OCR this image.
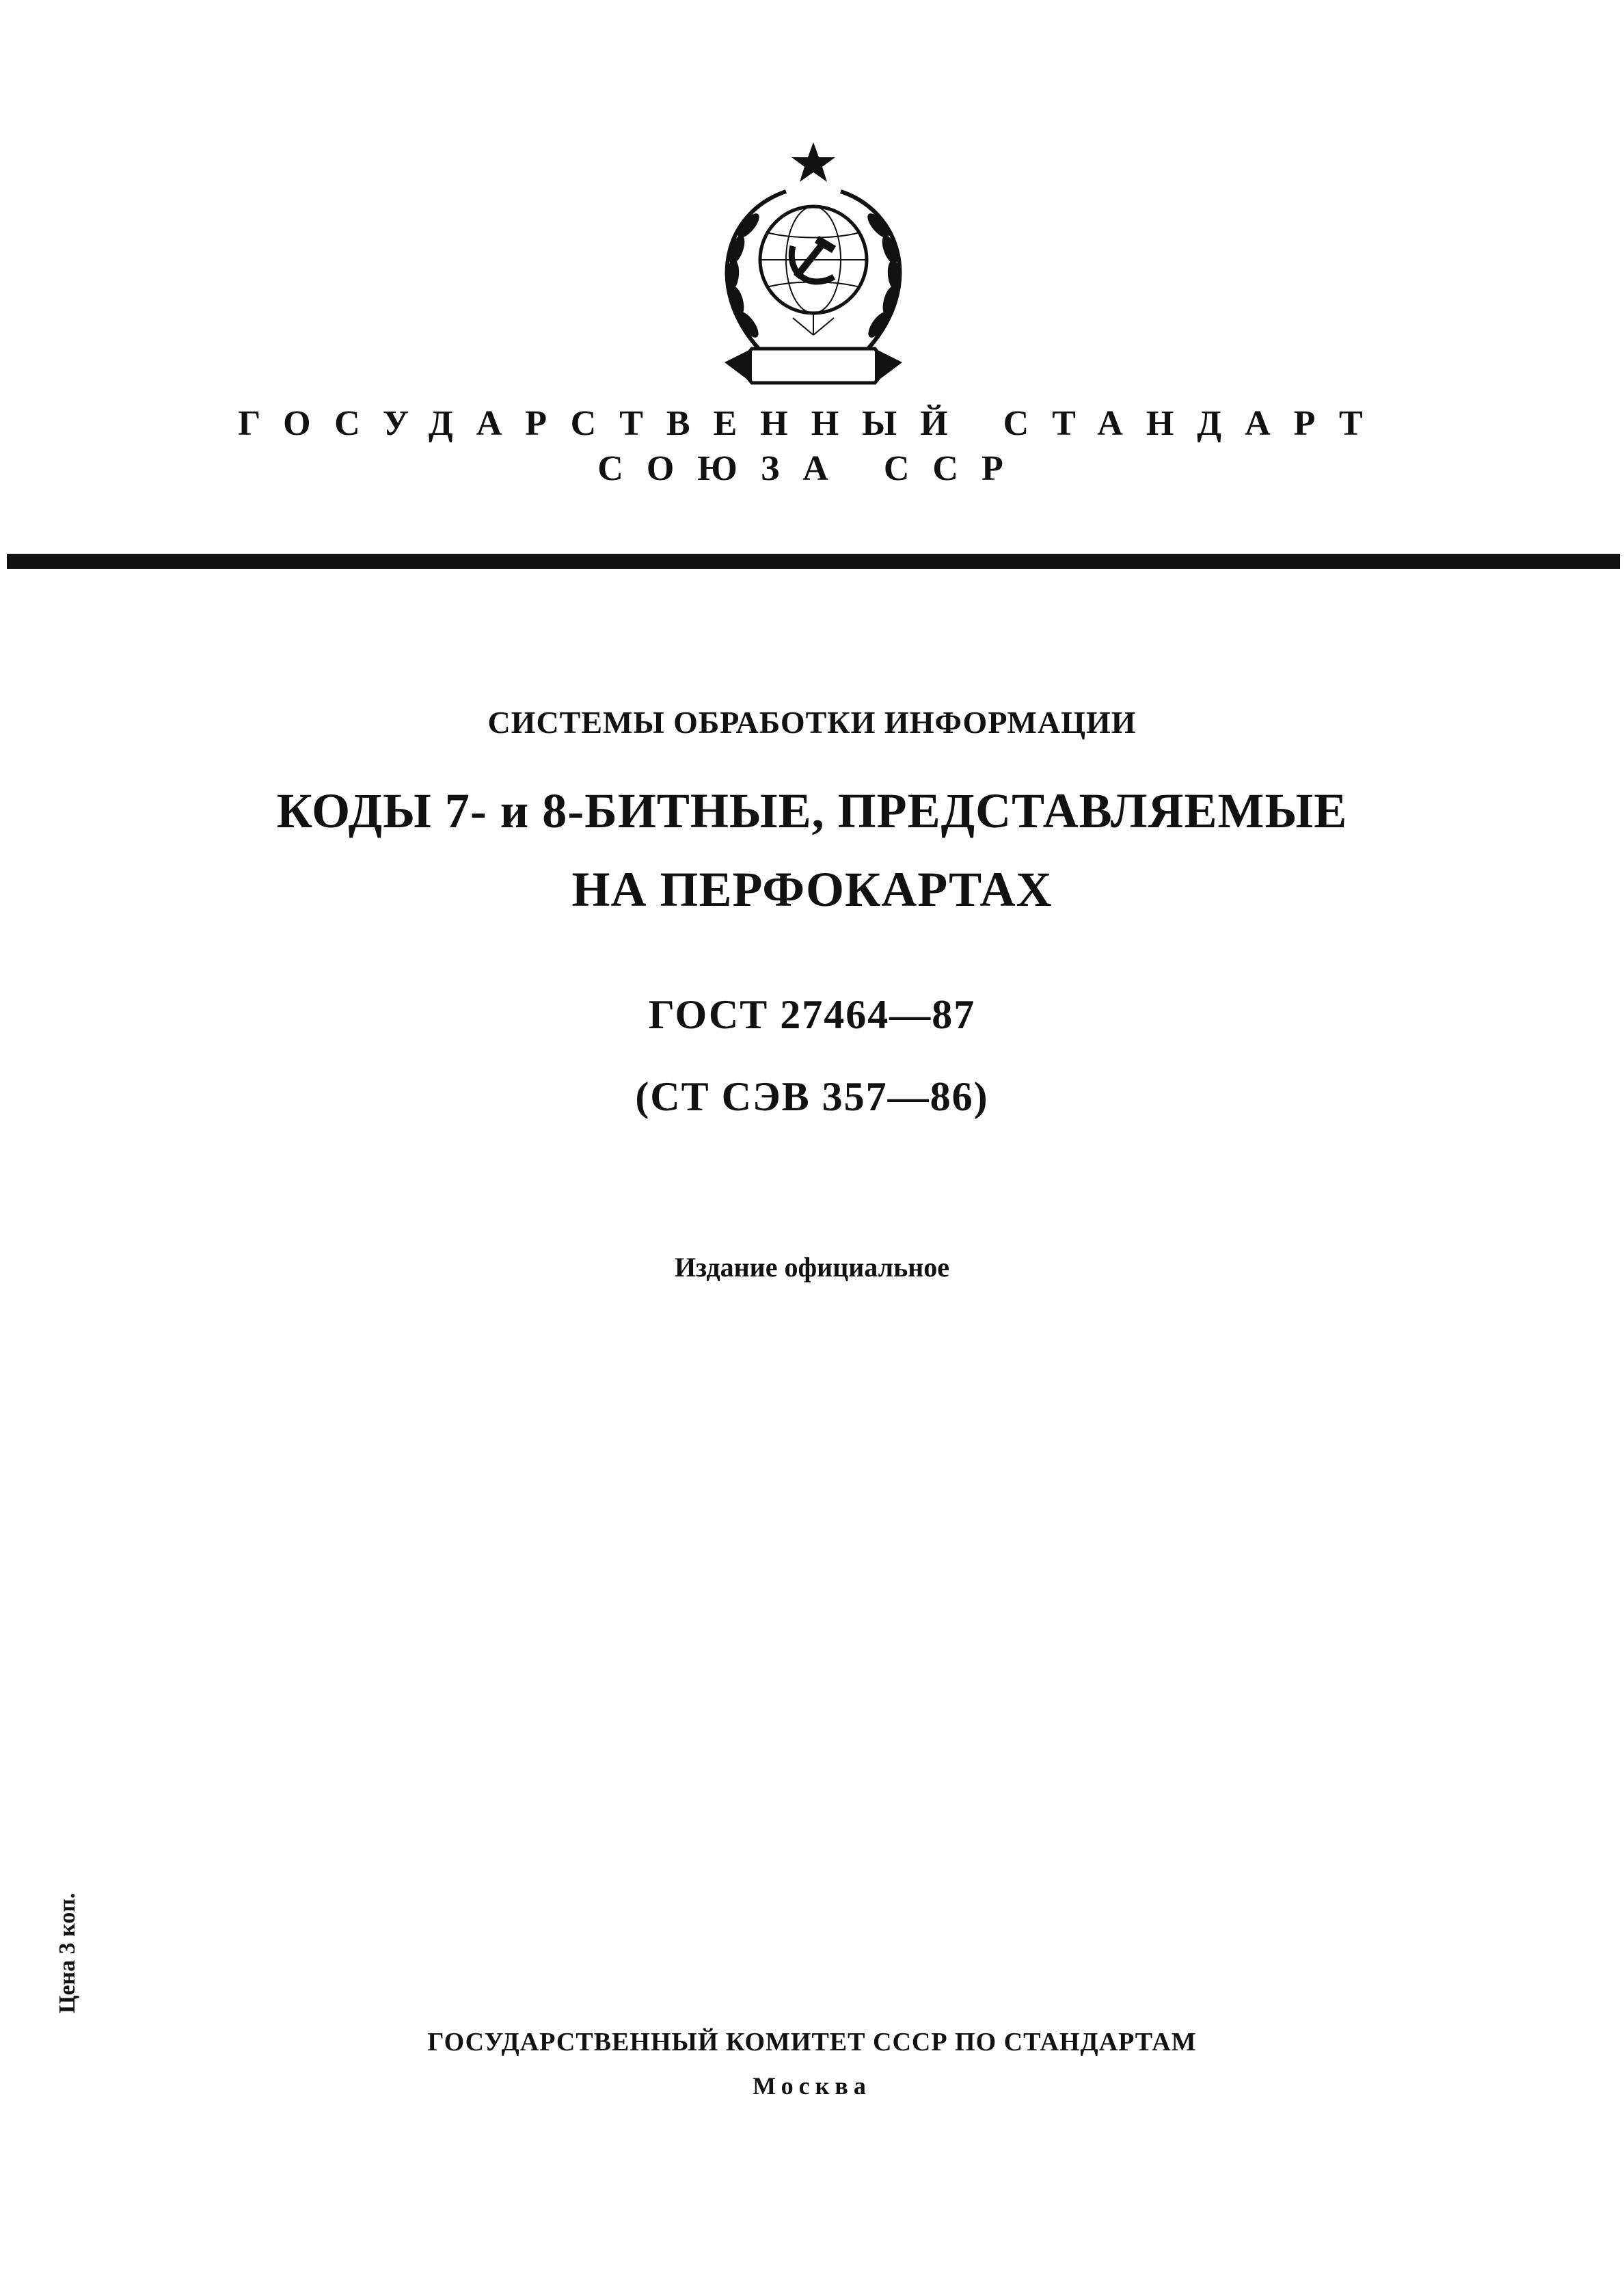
ГОСУДАРСТВЕННЫЙ СТАНДАРТ
СОЮЗА ССР
СИСТЕМЫ ОБРАБОТКИ ИНФОРМАЦИИ
КОДЫ 7- и 8-БИТНЫЕ, ПРЕДСТАВЛЯЕМЫЕ
НА ПЕРФОКАРТАХ
ГОСТ 27464—87
(СТ СЭВ 357—86)
Издание официальное
Цена 3 коп.
ГОСУДАРСТВЕННЫЙ КОМИТЕТ СССР ПО СТАНДАРТАМ
Москва
